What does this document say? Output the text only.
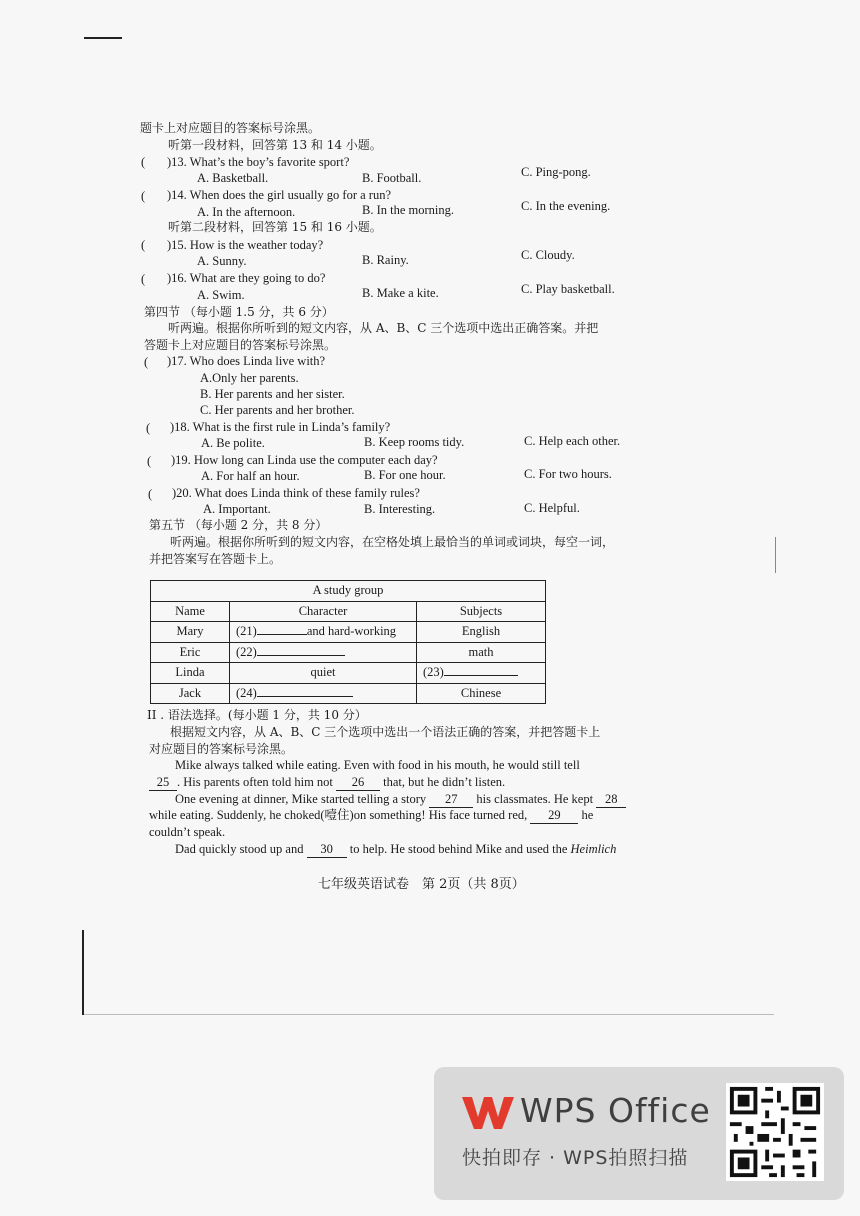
题卡上对应题目的答案标号涂黑。
听第一段材料，回答第 13 和 14 小题。
( )13. What’s the boy’s favorite sport?
A. Basketball.	B. Football.	C. Ping-pong.
( )14. When does the girl usually go for a run?
A. In the afternoon.	B. In the morning.	C. In the evening.
听第二段材料，回答第 15 和 16 小题。
( )15. How is the weather today?
A. Sunny.	B. Rainy.	C. Cloudy.
( )16. What are they going to do?
A. Swim.	B. Make a kite.	C. Play basketball.
第四节 （每小题 1.5 分，共 6 分）
听两遍。根据你所听到的短文内容，从 A、B、C 三个选项中选出正确答案。并把
答题卡上对应题目的答案标号涂黑。
( )17. Who does Linda live with?
A.Only her parents.
B. Her parents and her sister.
C. Her parents and her brother.
( )18. What is the first rule in Linda’s family?
A. Be polite.	B. Keep rooms tidy.	C. Help each other.
( )19. How long can Linda use the computer each day?
A. For half an hour.	B. For one hour.	C. For two hours.
( )20. What does Linda think of these family rules?
A. Important.	B. Interesting.	C. Helpful.
第五节 （每小题 2 分，共 8 分）
听两遍。根据你所听到的短文内容，在空格处填上最恰当的单词或词块，每空一词，
并把答案写在答题卡上。
A study group		
Name	Character	Subjects
Mary	(21) and hard-working	English
Eric	(22)	math
Linda	quiet	(23)
Jack	(24)	Chinese
II . 语法选择。(每小题 1 分，共 10 分）
根据短文内容，从 A、B、C 三个选项中选出一个语法正确的答案，并把答题卡上
对应题目的答案标号涂黑。
Mike always talked while eating. Even with food in his mouth, he would still tell
25 . His parents often told him not 26 that, but he didn’t listen.
One evening at dinner, Mike started telling a story 27 his classmates. He kept 28
while eating. Suddenly, he choked(噎住)on something! His face turned red, 29 he
couldn’t speak.
Dad quickly stood up and 30 to help. He stood behind Mike and used the Heimlich
七年级英语试卷　第 2页（共 8页）
WPS Office
快拍即存 · WPS拍照扫描
